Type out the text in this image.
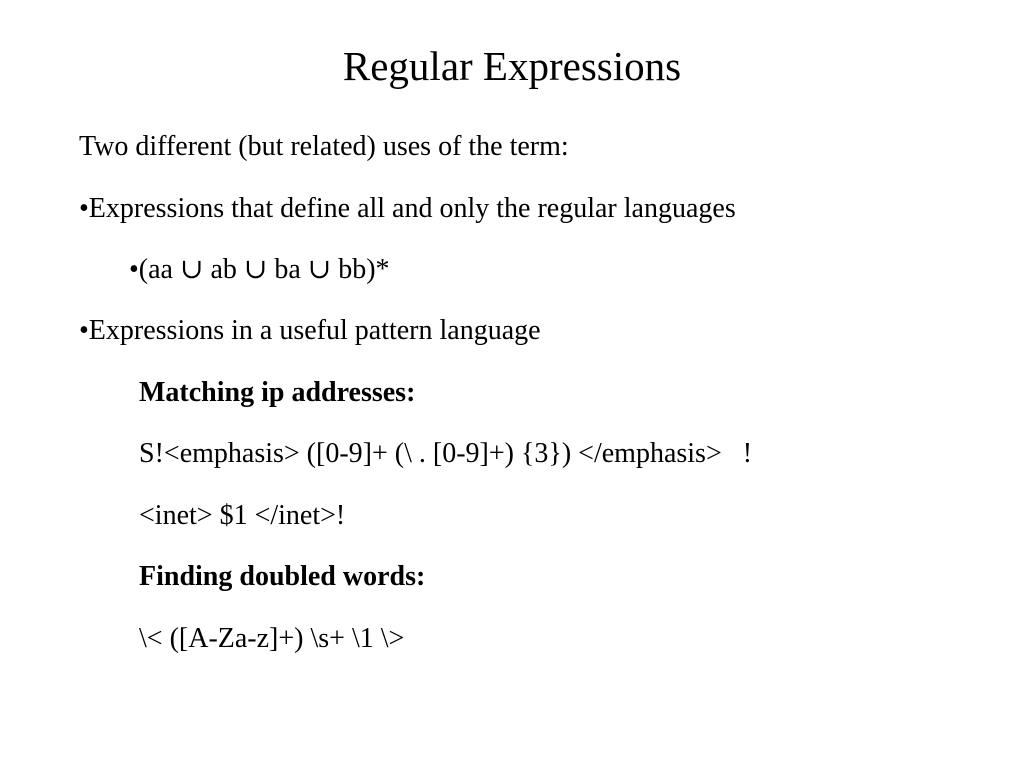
Regular Expressions
Two different (but related) uses of the term:
•Expressions that define all and only the regular languages
•(aa ∪ ab ∪ ba ∪ bb)*
•Expressions in a useful pattern language
Matching ip addresses:
S!<emphasis> ([0-9]+ (\ . [0-9]+) {3}) </emphasis>   !
<inet> $1 </inet>!
Finding doubled words:
\< ([A-Za-z]+) \s+ \1 \>
